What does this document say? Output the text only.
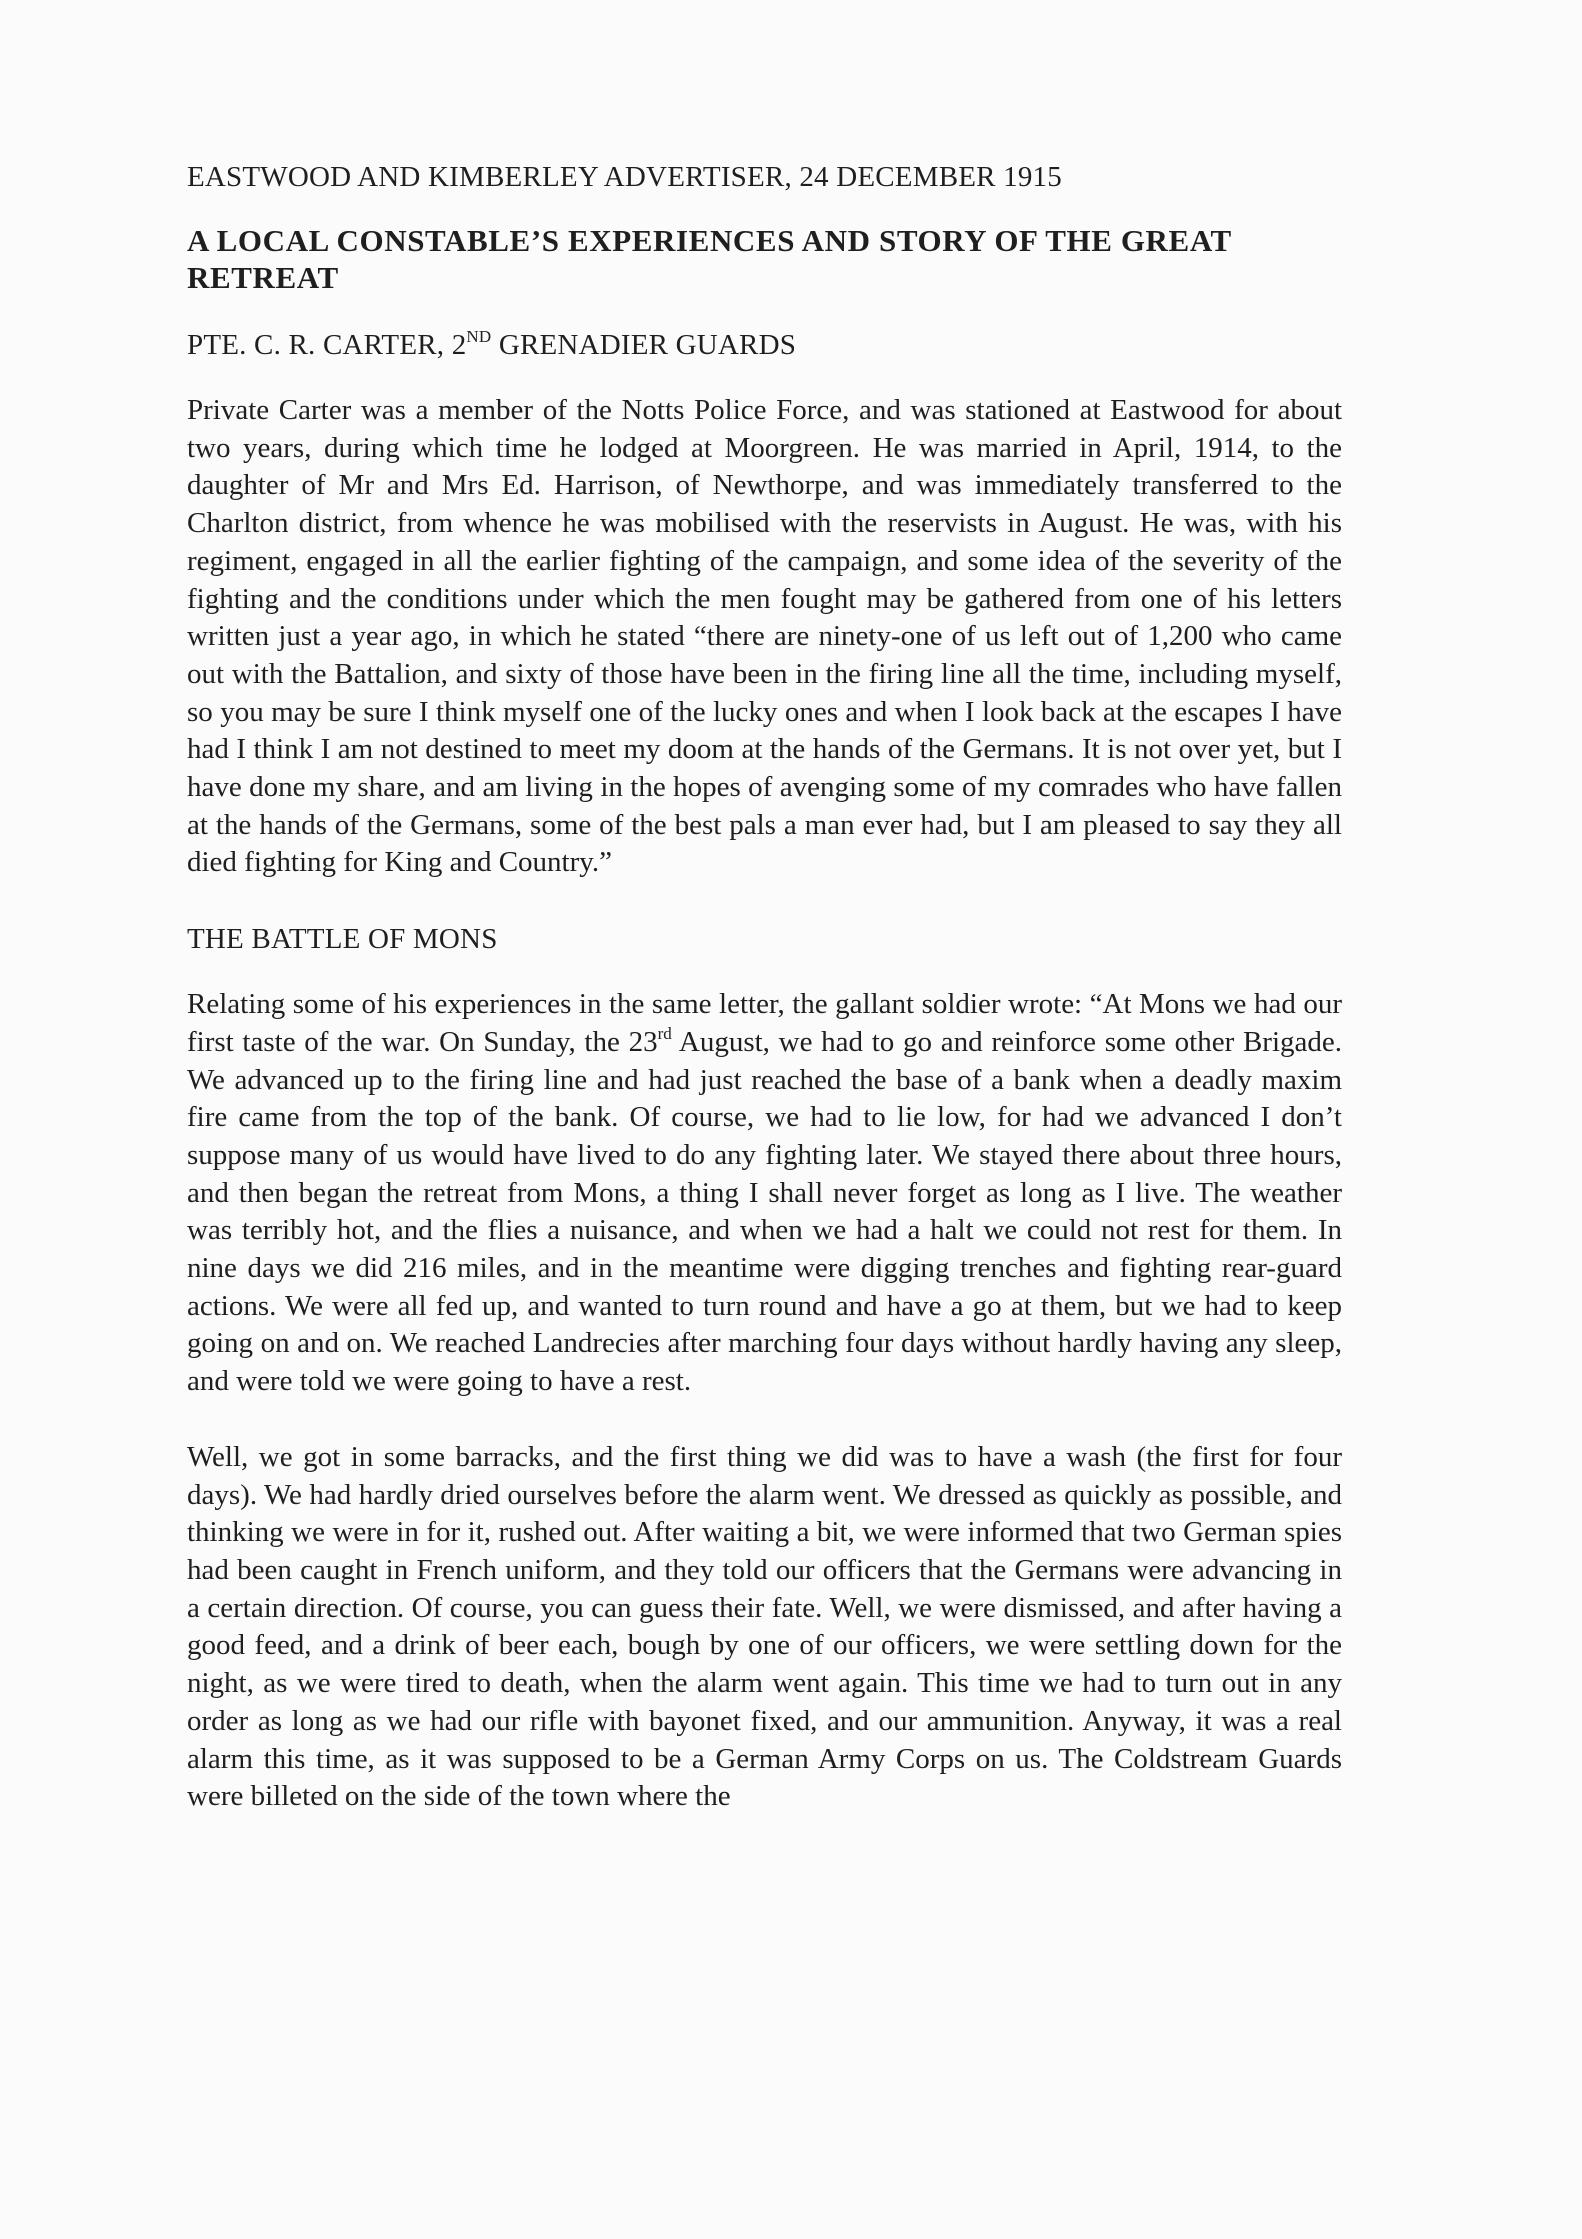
EASTWOOD AND KIMBERLEY ADVERTISER, 24 DECEMBER 1915
A LOCAL CONSTABLE’S EXPERIENCES AND STORY OF THE GREAT RETREAT
PTE. C. R. CARTER, 2ND GRENADIER GUARDS

Private Carter was a member of the Notts Police Force, and was stationed at Eastwood for about two years, during which time he lodged at Moorgreen. He was married in April, 1914, to the daughter of Mr and Mrs Ed. Harrison, of Newthorpe, and was immediately transferred to the Charlton district, from whence he was mobilised with the reservists in August. He was, with his regiment, engaged in all the earlier fighting of the campaign, and some idea of the severity of the fighting and the conditions under which the men fought may be gathered from one of his letters written just a year ago, in which he stated “there are ninety-one of us left out of 1,200 who came out with the Battalion, and sixty of those have been in the firing line all the time, including myself, so you may be sure I think myself one of the lucky ones and when I look back at the escapes I have had I think I am not destined to meet my doom at the hands of the Germans. It is not over yet, but I have done my share, and am living in the hopes of avenging some of my comrades who have fallen at the hands of the Germans, some of the best pals a man ever had, but I am pleased to say they all died fighting for King and Country.”

THE BATTLE OF MONS

Relating some of his experiences in the same letter, the gallant soldier wrote: “At Mons we had our first taste of the war. On Sunday, the 23rd August, we had to go and reinforce some other Brigade. We advanced up to the firing line and had just reached the base of a bank when a deadly maxim fire came from the top of the bank. Of course, we had to lie low, for had we advanced I don’t suppose many of us would have lived to do any fighting later. We stayed there about three hours, and then began the retreat from Mons, a thing I shall never forget as long as I live. The weather was terribly hot, and the flies a nuisance, and when we had a halt we could not rest for them. In nine days we did 216 miles, and in the meantime were digging trenches and fighting rear-guard actions. We were all fed up, and wanted to turn round and have a go at them, but we had to keep going on and on. We reached Landrecies after marching four days without hardly having any sleep, and were told we were going to have a rest.

Well, we got in some barracks, and the first thing we did was to have a wash (the first for four days). We had hardly dried ourselves before the alarm went. We dressed as quickly as possible, and thinking we were in for it, rushed out. After waiting a bit, we were informed that two German spies had been caught in French uniform, and they told our officers that the Germans were advancing in a certain direction. Of course, you can guess their fate. Well, we were dismissed, and after having a good feed, and a drink of beer each, bough by one of our officers, we were settling down for the night, as we were tired to death, when the alarm went again. This time we had to turn out in any order as long as we had our rifle with bayonet fixed, and our ammunition. Anyway, it was a real alarm this time, as it was supposed to be a German Army Corps on us. The Coldstream Guards were billeted on the side of the town where the
